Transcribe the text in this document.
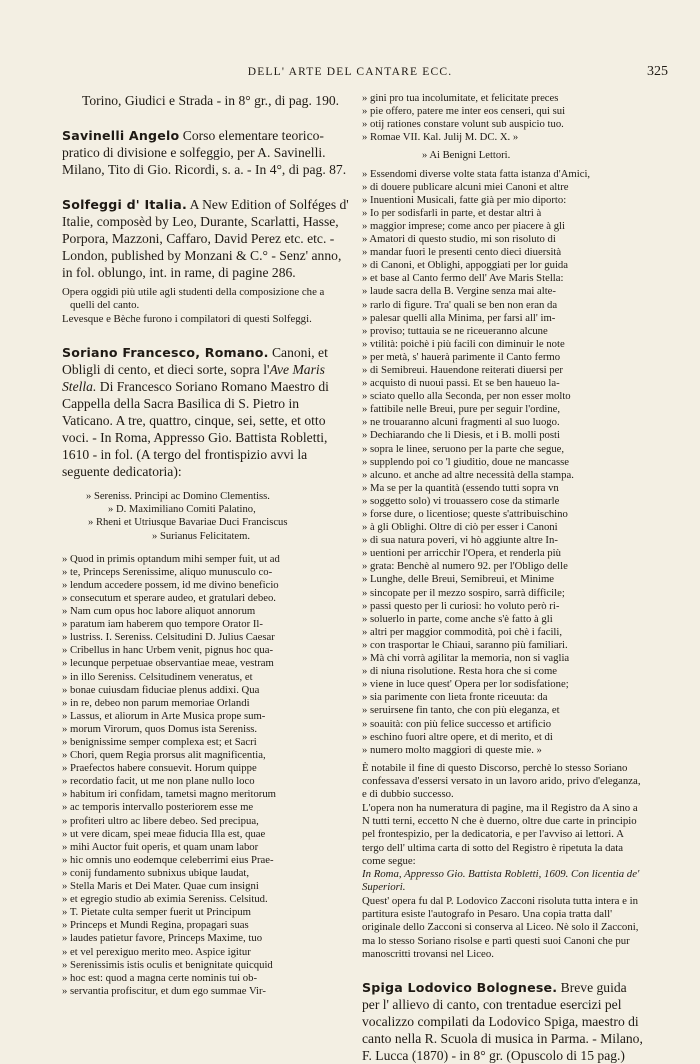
DELL' ARTE DEL CANTARE ECC.	325

Torino, Giudici e Strada - in 8° gr., di pag. 190.

Savinelli Angelo Corso elementare teorico-pratico di divisione e solfeggio, per A. Savinelli. Milano, Tito di Gio. Ricordi, s. a. - In 4°, di pag. 87.

Solfeggi d' Italia. A New Edition of Solféges d' Italie, composèd by Leo, Durante, Scarlatti, Hasse, Porpora, Mazzoni, Caffaro, David Perez etc. etc. - London, published by Monzani & C.° - Senz' anno, in fol. oblungo, int. in rame, di pagine 286.

Opera oggidì più utile agli studenti della composizione che a quelli del canto.

Levesque e Bèche furono i compilatori di questi Solfeggi.

Soriano Francesco, Romano. Canoni, et Obligli di cento, et dieci sorte, sopra l'Ave Maris Stella. Di Francesco Soriano Romano Maestro di Cappella della Sacra Basilica di S. Pietro in Vaticano. A tre, quattro, cinque, sei, sette, et otto voci. - In Roma, Appresso Gio. Battista Robletti, 1610 - in fol. (A tergo del frontispizio avvi la seguente dedicatoria):

» Sereniss. Principi ac Domino Clementiss.

» D. Maximiliano Comiti Palatino,

» Rheni et Utriusque Bavariae Duci Franciscus

» Surianus Felicitatem.

» Quod in primis optandum mihi semper fuit, ut ad

» te, Princeps Serenissime, aliquo munusculo co-

» lendum accedere possem, id me divino beneficio

» consecutum et sperare audeo, et gratulari debeo.

» Nam cum opus hoc labore aliquot annorum

» paratum iam haberem quo tempore Orator Il-

» lustriss. I. Sereniss. Celsitudini D. Julius Caesar

» Cribellus in hanc Urbem venit, pignus hoc qua-

» lecunque perpetuae observantiae meae, vestram

» in illo Sereniss. Celsitudinem veneratus, et

» bonae cuiusdam fiduciae plenus addixi. Qua

» in re, debeo non parum memoriae Orlandi

» Lassus, et aliorum in Arte Musica prope sum-

» morum Virorum, quos Domus ista Sereniss.

» benignissime semper complexa est; et Sacri

» Chori, quem Regia prorsus alit magnificentia,

» Praefectos habere consuevit. Horum quippe

» recordatio facit, ut me non plane nullo loco

» habitum iri confidam, tametsi magno meritorum

» ac temporis intervallo posteriorem esse me

» profiteri ultro ac libere debeo. Sed precipua,

» ut vere dicam, spei meae fiducia Illa est, quae

» mihi Auctor fuit operis, et quam unam labor

» hic omnis uno eodemque celeberrimi eius Prae-

» conij fundamento subnixus ubique laudat,

» Stella Maris et Dei Mater. Quae cum insigni

» et egregio studio ab eximia Sereniss. Celsitud.

» T. Pietate culta semper fuerit ut Principum

» Princeps et Mundi Regina, propagari suas

» laudes patietur favore, Princeps Maxime, tuo

» et vel perexiguo merito meo. Aspice igitur

» Serenissimis istis oculis et benignitate quicquid

» hoc est: quod a magna certe nominis tui ob-

» servantia profiscitur, et dum ego summae Vir-

» gini pro tua incolumitate, et felicitate preces

» pie offero, patere me inter eos censeri, qui sui

» otij rationes constare volunt sub auspicio tuo.

» Romae VII. Kal. Julij M. DC. X. »

» Ai Benigni Lettori.

» Essendomi diverse volte stata fatta istanza d'Amici,

» di douere publicare alcuni miei Canoni et altre

» Inuentioni Musicali, fatte già per mio diporto:

» Io per sodisfarli in parte, et destar altri à

» maggior imprese; come anco per piacere à gli

» Amatori di questo studio, mi son risoluto di

» mandar fuori le presenti cento dieci diuersità

» di Canoni, et Oblighi, appoggiati per lor guida

» et base al Canto fermo dell' Ave Maris Stella:

» laude sacra della B. Vergine senza mai alte-

» rarlo di figure. Tra' quali se ben non eran da

» palesar quelli alla Minima, per farsi all' im-

» proviso; tuttauia se ne riceueranno alcune

» vtilità: poichè i più facili con diminuir le note

» per metà, s' hauerà parimente il Canto fermo

» di Semibreui. Hauendone reiterati diuersi per

» acquisto di nuoui passi. Et se ben haueuo la-

» sciato quello alla Seconda, per non esser molto

» fattibile nelle Breui, pure per seguir l'ordine,

» ne trouaranno alcuni fragmenti al suo luogo.

» Dechiarando che li Diesis, et i B. molli posti

» sopra le linee, seruono per la parte che segue,

» supplendo poi co 'l giuditio, doue ne mancasse

» alcuno. et anche ad altre necessità della stampa.

» Ma se per la quantità (essendo tutti sopra vn

» soggetto solo) vi trouassero cose da stimarle

» forse dure, o licentiose; queste s'attribuischino

» à gli Oblighi. Oltre di ciò per esser i Canoni

» di sua natura poveri, vi hò aggiunte altre In-

» uentioni per arricchir l'Opera, et renderla più

» grata: Benchè al numero 92. per l'Obligo delle

» Lunghe, delle Breui, Semibreui, et Minime

» sincopate per il mezzo sospiro, sarrà difficile;

» passi questo per li curiosi: ho voluto però ri-

» soluerlo in parte, come anche s'è fatto à gli

» altri per maggior commodità, poi chè i facili,

» con trasportar le Chiaui, saranno più familiari.

» Mà chi vorrà agilitar la memoria, non si vaglia

» di niuna risolutione. Resta hora che si come

» viene in luce quest' Opera per lor sodisfatione;

» sia parimente con lieta fronte riceuuta: da

» seruirsene fin tanto, che con più eleganza, et

» soauità: con più felice successo et artificio

» eschino fuori altre opere, et di merito, et di

» numero molto maggiori di queste mie. »

È notabile il fine di questo Discorso, perchè lo stesso Soriano confessava d'essersi versato in un lavoro arido, privo d'eleganza, e di dubbio successo.

L'opera non ha numeratura di pagine, ma il Registro da A sino a N tutti terni, eccetto N che è duerno, oltre due carte in principio pel frontespizio, per la dedicatoria, e per l'avviso ai lettori. A tergo dell' ultima carta di sotto del Registro è ripetuta la data come segue:

In Roma, Appresso Gio. Battista Robletti, 1609. Con licentia de' Superiori.

Quest' opera fu dal P. Lodovico Zacconi risoluta tutta intera e in partitura esiste l'autografo in Pesaro. Una copia tratta dall' originale dello Zacconi si conserva al Liceo. Nè solo il Zacconi, ma lo stesso Soriano risolse e partì questi suoi Canoni che pur manoscritti trovansi nel Liceo.

Spiga Lodovico Bolognese. Breve guida per l' allievo di canto, con trentadue esercizi pel vocalizzo compilati da Lodovico Spiga, maestro di canto nella R. Scuola di musica in Parma. - Milano, F. Lucca (1870) - in 8° gr. (Opuscolo di 15 pag.)
